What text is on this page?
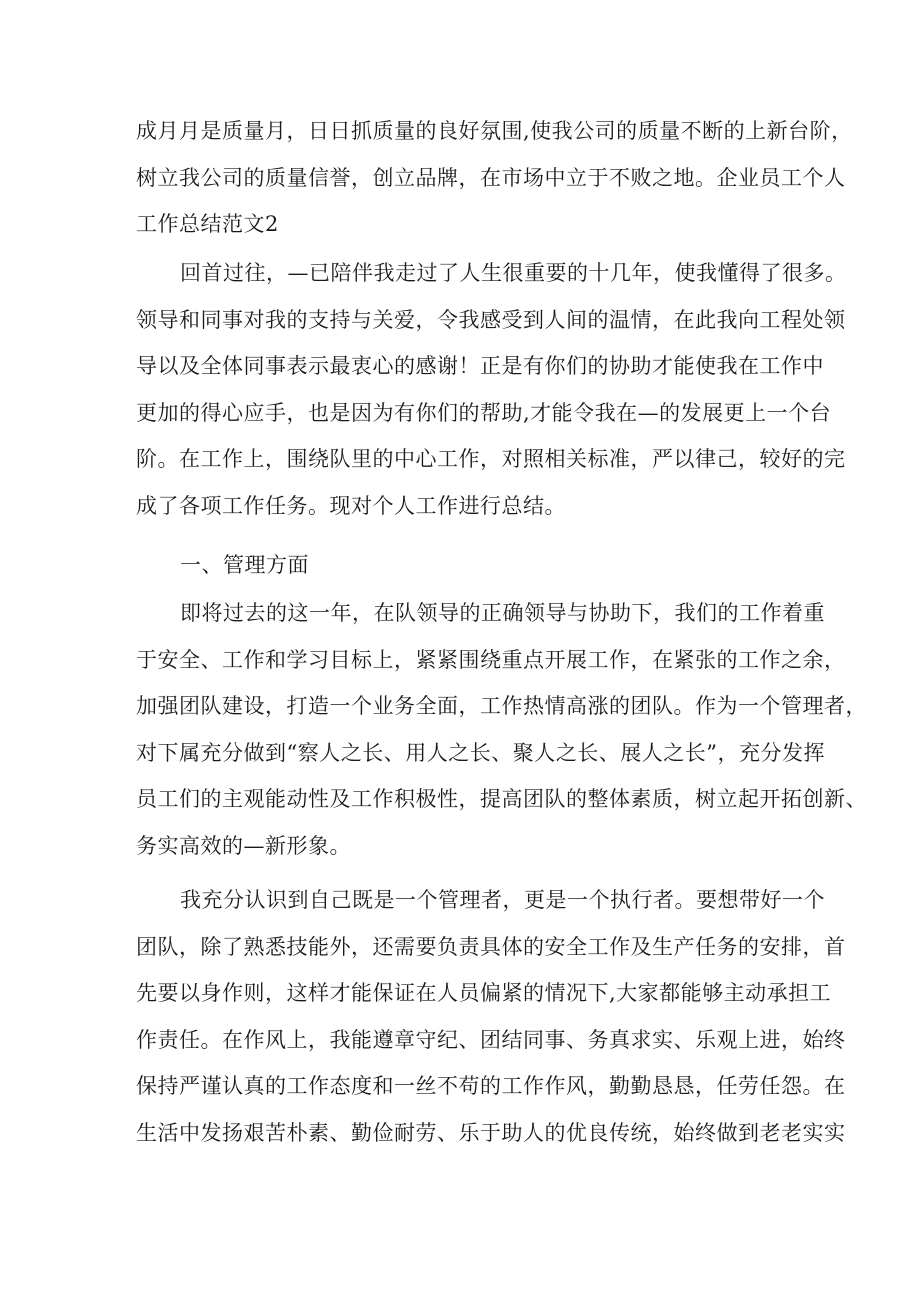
成月月是质量月，日日抓质量的良好氛围,使我公司的质量不断的上新台阶，
树立我公司的质量信誉，创立品牌，在市场中立于不败之地。企业员工个人
工作总结范文2
回首过往，—已陪伴我走过了人生很重要的十几年，使我懂得了很多。
领导和同事对我的支持与关爱，令我感受到人间的温情，在此我向工程处领
导以及全体同事表示最衷心的感谢！正是有你们的协助才能使我在工作中
更加的得心应手，也是因为有你们的帮助,才能令我在—的发展更上一个台
阶。在工作上，围绕队里的中心工作，对照相关标准，严以律己，较好的完
成了各项工作任务。现对个人工作进行总结。
一、管理方面
即将过去的这一年，在队领导的正确领导与协助下，我们的工作着重
于安全、工作和学习目标上，紧紧围绕重点开展工作，在紧张的工作之余，
加强团队建设，打造一个业务全面，工作热情高涨的团队。作为一个管理者，
对下属充分做到“察人之长、用人之长、聚人之长、展人之长”，充分发挥
员工们的主观能动性及工作积极性，提高团队的整体素质，树立起开拓创新、
务实高效的—新形象。
我充分认识到自己既是一个管理者，更是一个执行者。要想带好一个
团队，除了熟悉技能外，还需要负责具体的安全工作及生产任务的安排，首
先要以身作则，这样才能保证在人员偏紧的情况下,大家都能够主动承担工
作责任。在作风上，我能遵章守纪、团结同事、务真求实、乐观上进，始终
保持严谨认真的工作态度和一丝不苟的工作作风，勤勤恳恳，任劳任怨。在
生活中发扬艰苦朴素、勤俭耐劳、乐于助人的优良传统，始终做到老老实实
